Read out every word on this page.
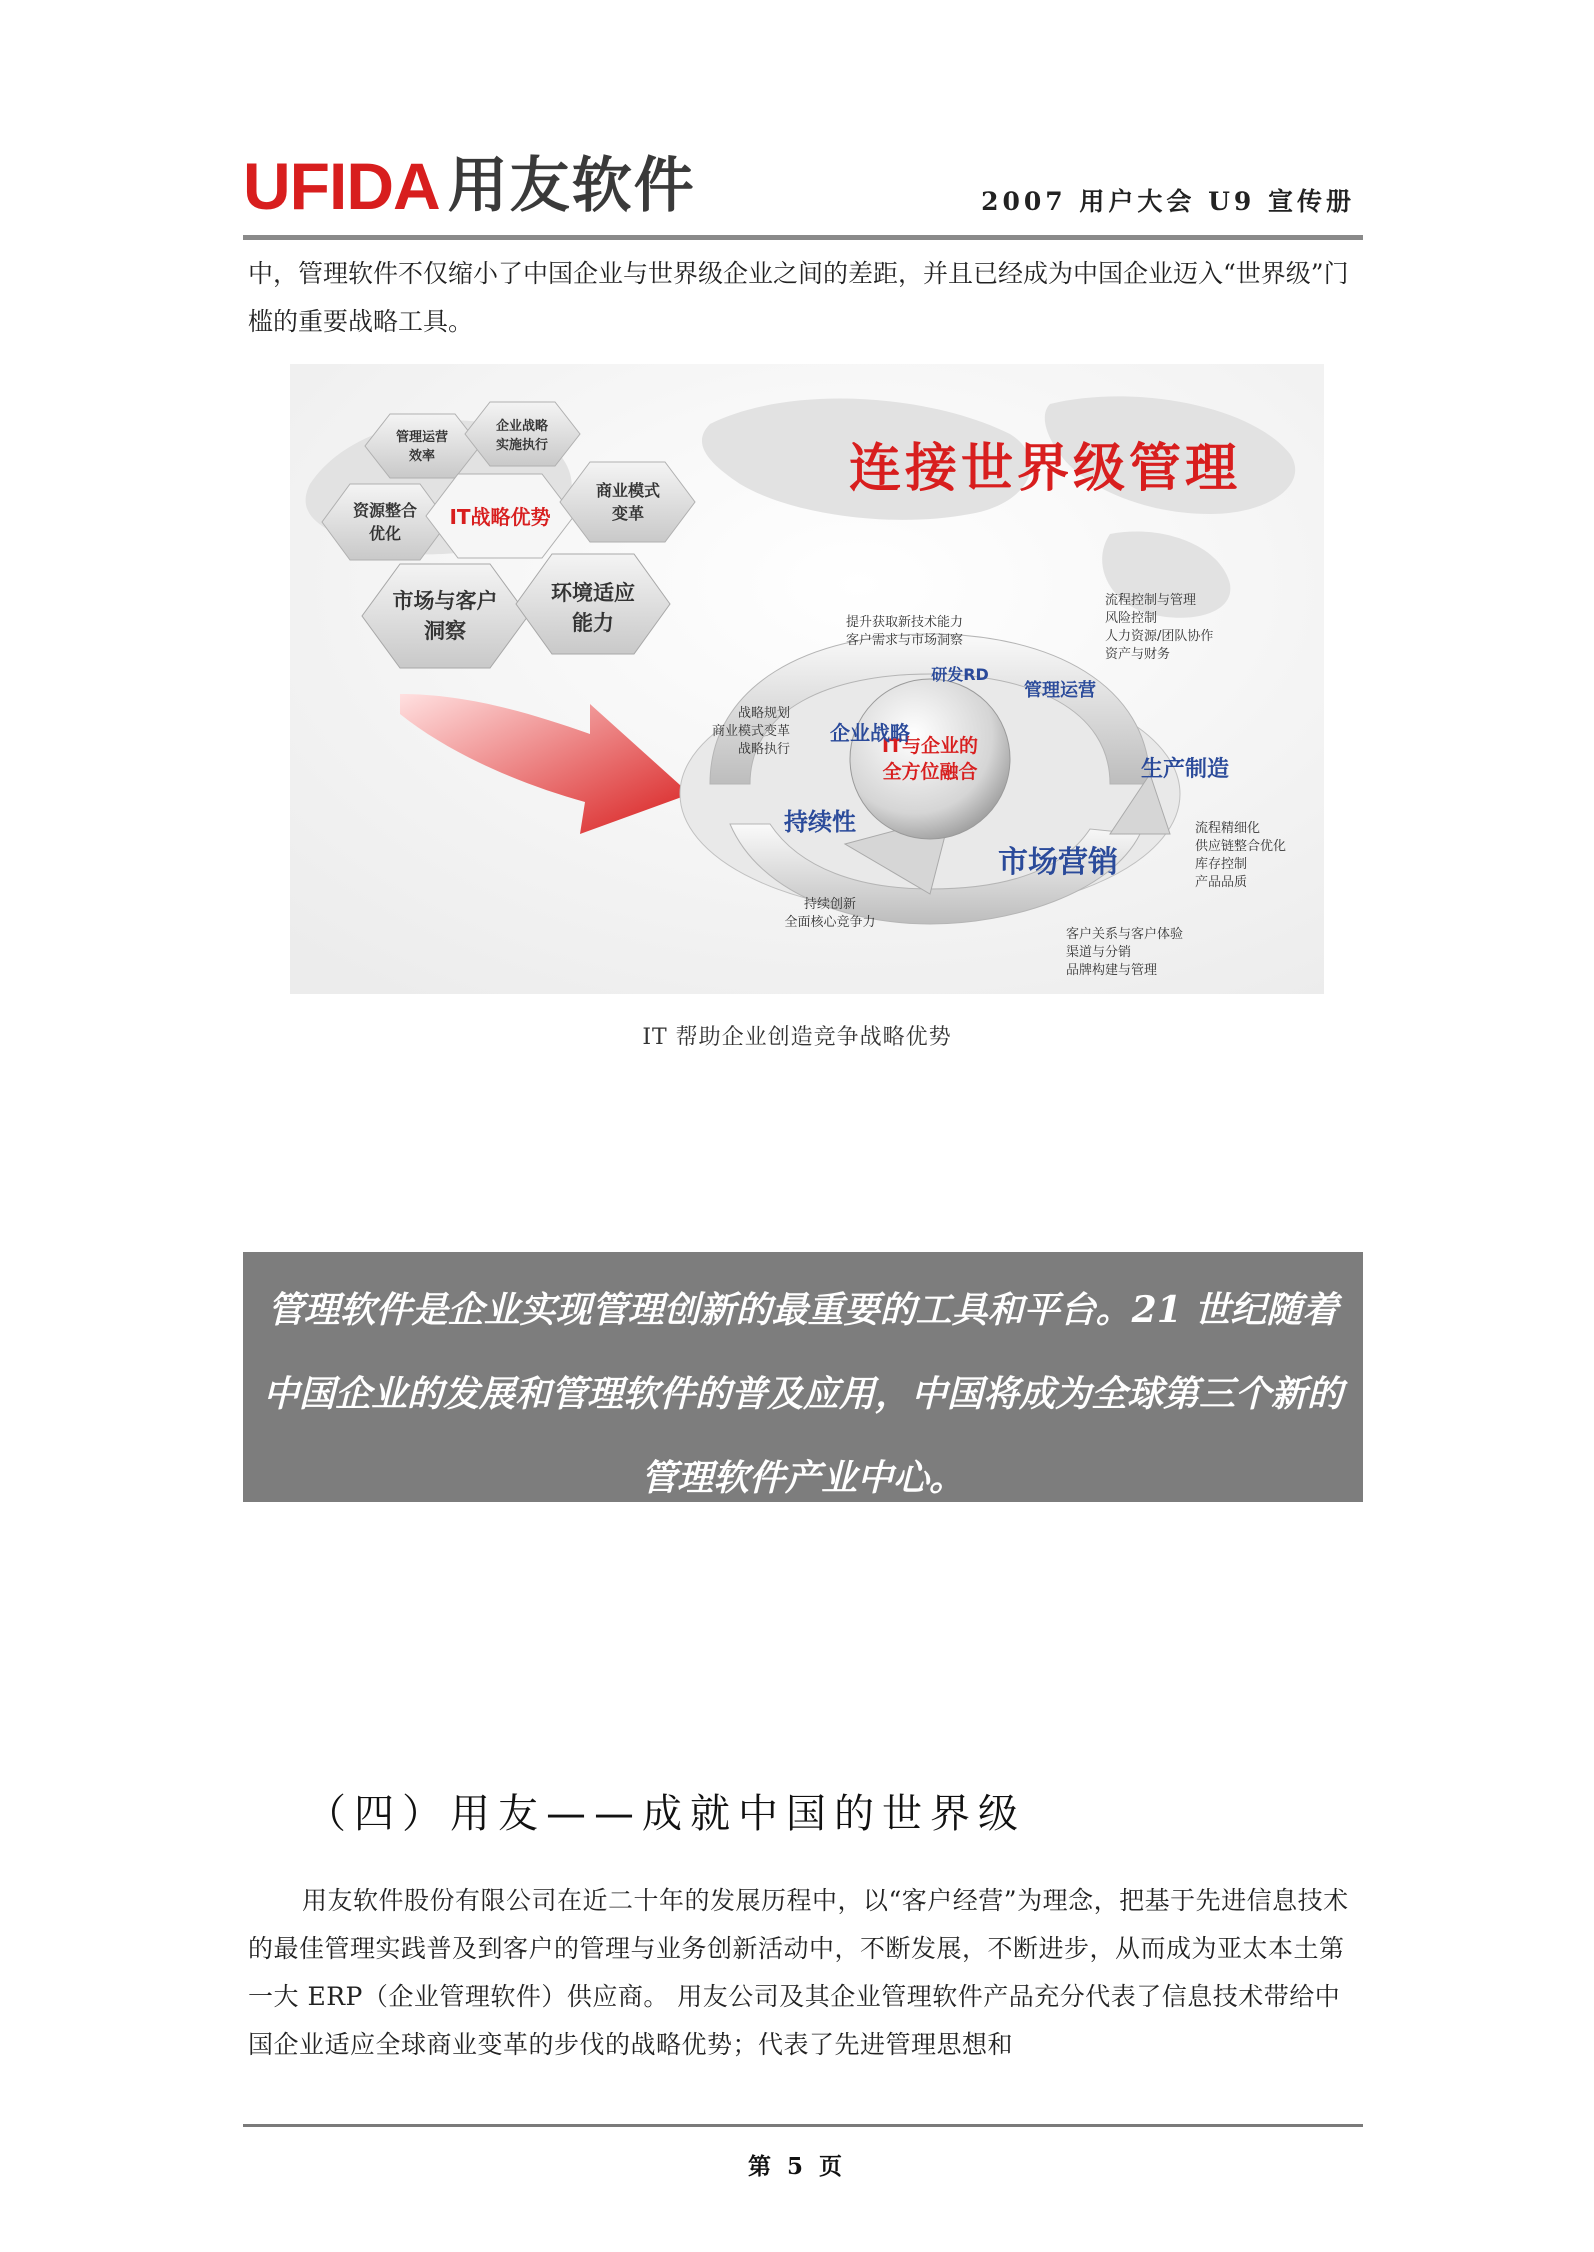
UFIDA 用友软件	2007 用户大会 U9 宣传册
中，管理软件不仅缩小了中国企业与世界级企业之间的差距，并且已经成为中国企业迈入“世界级”门槛的重要战略工具。
管理运营
效率
企业战略
实施执行
资源整合
优化
IT战略优势
商业模式
变革
市场与客户
洞察
环境适应
能力
连接世界级管理
IT与企业的
全方位融合
研发RD
管理运营
企业战略
生产制造
持续性
市场营销
提升获取新技术能力
客户需求与市场洞察
流程控制与管理
风险控制
人力资源/团队协作
资产与财务
战略规划
商业模式变革
战略执行
流程精细化
供应链整合优化
库存控制
产品品质
持续创新
全面核心竞争力
客户关系与客户体验
渠道与分销
品牌构建与管理
IT 帮助企业创造竞争战略优势
管理软件是企业实现管理创新的最重要的工具和平台。21 世纪随着
中国企业的发展和管理软件的普及应用，中国将成为全球第三个新的
管理软件产业中心。
（四）用友——成就中国的世界级
用友软件股份有限公司在近二十年的发展历程中，以“客户经营”为理念，把基于先进信息技术的最佳管理实践普及到客户的管理与业务创新活动中，不断发展，不断进步，从而成为亚太本土第一大 ERP（企业管理软件）供应商。 用友公司及其企业管理软件产品充分代表了信息技术带给中国企业适应全球商业变革的步伐的战略优势；代表了先进管理思想和
第 5 页
